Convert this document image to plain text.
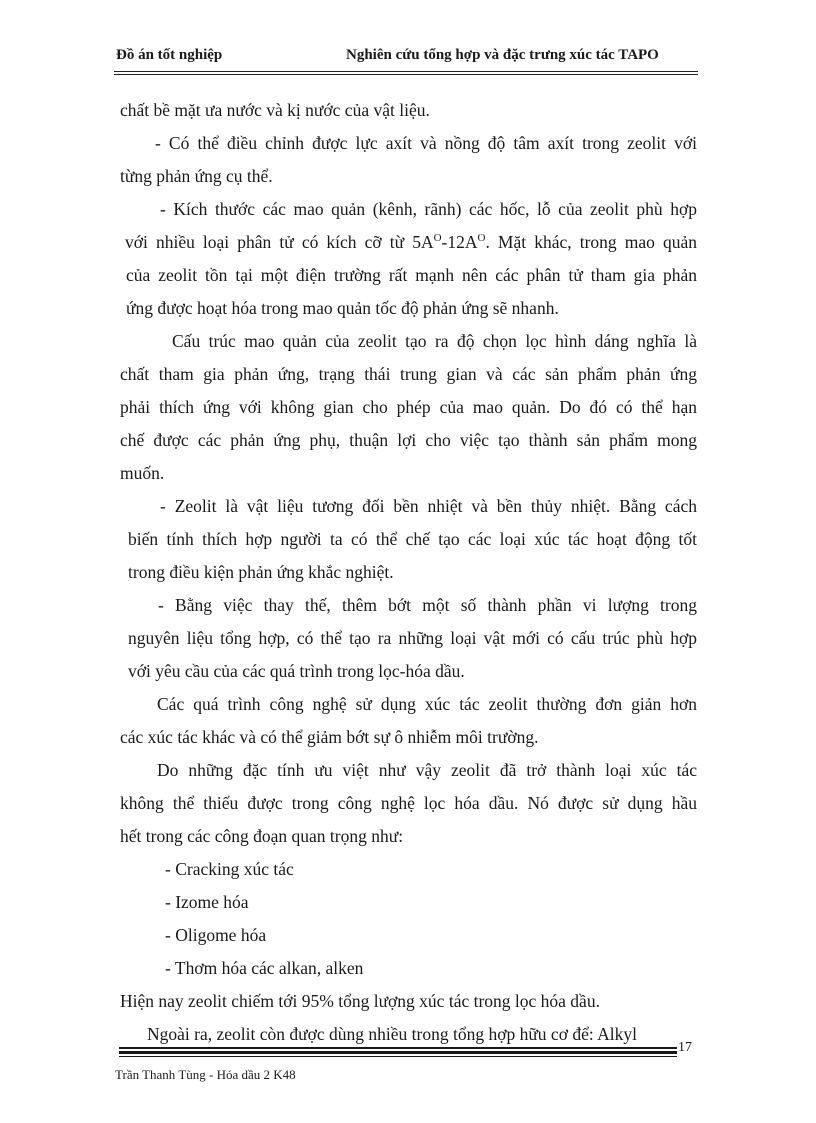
Đồ án tốt nghiệp	Nghiên cứu tổng hợp và đặc trưng xúc tác TAPO
chất bề mặt ưa nước và kị nước của vật liệu.
- Có thể điều chỉnh được lực axít và nồng độ tâm axít trong zeolit với
từng phản ứng cụ thể.
- Kích thước các mao quản (kênh, rãnh) các hốc, lỗ của zeolit phù hợp
với nhiều loại phân tử có kích cỡ từ $5A^O-12A^O$. Mặt khác, trong mao quản
của zeolit tồn tại một điện trường rất mạnh nên các phân tử tham gia phản
ứng được hoạt hóa trong mao quản tốc độ phản ứng sẽ nhanh.
Cấu trúc mao quản của zeolit tạo ra độ chọn lọc hình dáng nghĩa là
chất tham gia phản ứng, trạng thái trung gian và các sản phẩm phản ứng
phải thích ứng với không gian cho phép của mao quản. Do đó có thể hạn
chế được các phản ứng phụ, thuận lợi cho việc tạo thành sản phẩm mong
muốn.
- Zeolit là vật liệu tương đối bền nhiệt và bền thủy nhiệt. Bằng cách
biến tính thích hợp người ta có thể chế tạo các loại xúc tác hoạt động tốt
trong điều kiện phản ứng khắc nghiệt.
- Bằng việc thay thế, thêm bớt một số thành phần vi lượng trong
nguyên liệu tổng hợp, có thể tạo ra những loại vật mới có cấu trúc phù hợp
với yêu cầu của các quá trình trong lọc-hóa dầu.
Các quá trình công nghệ sử dụng xúc tác zeolit thường đơn giản hơn
các xúc tác khác và có thể giảm bớt sự ô nhiễm môi trường.
Do những đặc tính ưu việt như vậy zeolit đã trở thành loại xúc tác
không thể thiếu được trong công nghệ lọc hóa dầu. Nó được sử dụng hầu
hết trong các công đoạn quan trọng như:
- Cracking xúc tác
- Izome hóa
- Oligome hóa
- Thơm hóa các alkan, alken
Hiện nay zeolit chiếm tới 95% tổng lượng xúc tác trong lọc hóa dầu.
Ngoài ra, zeolit còn được dùng nhiều trong tổng hợp hữu cơ để: Alkyl
17
Trần Thanh Tùng - Hóa dầu 2 K48
